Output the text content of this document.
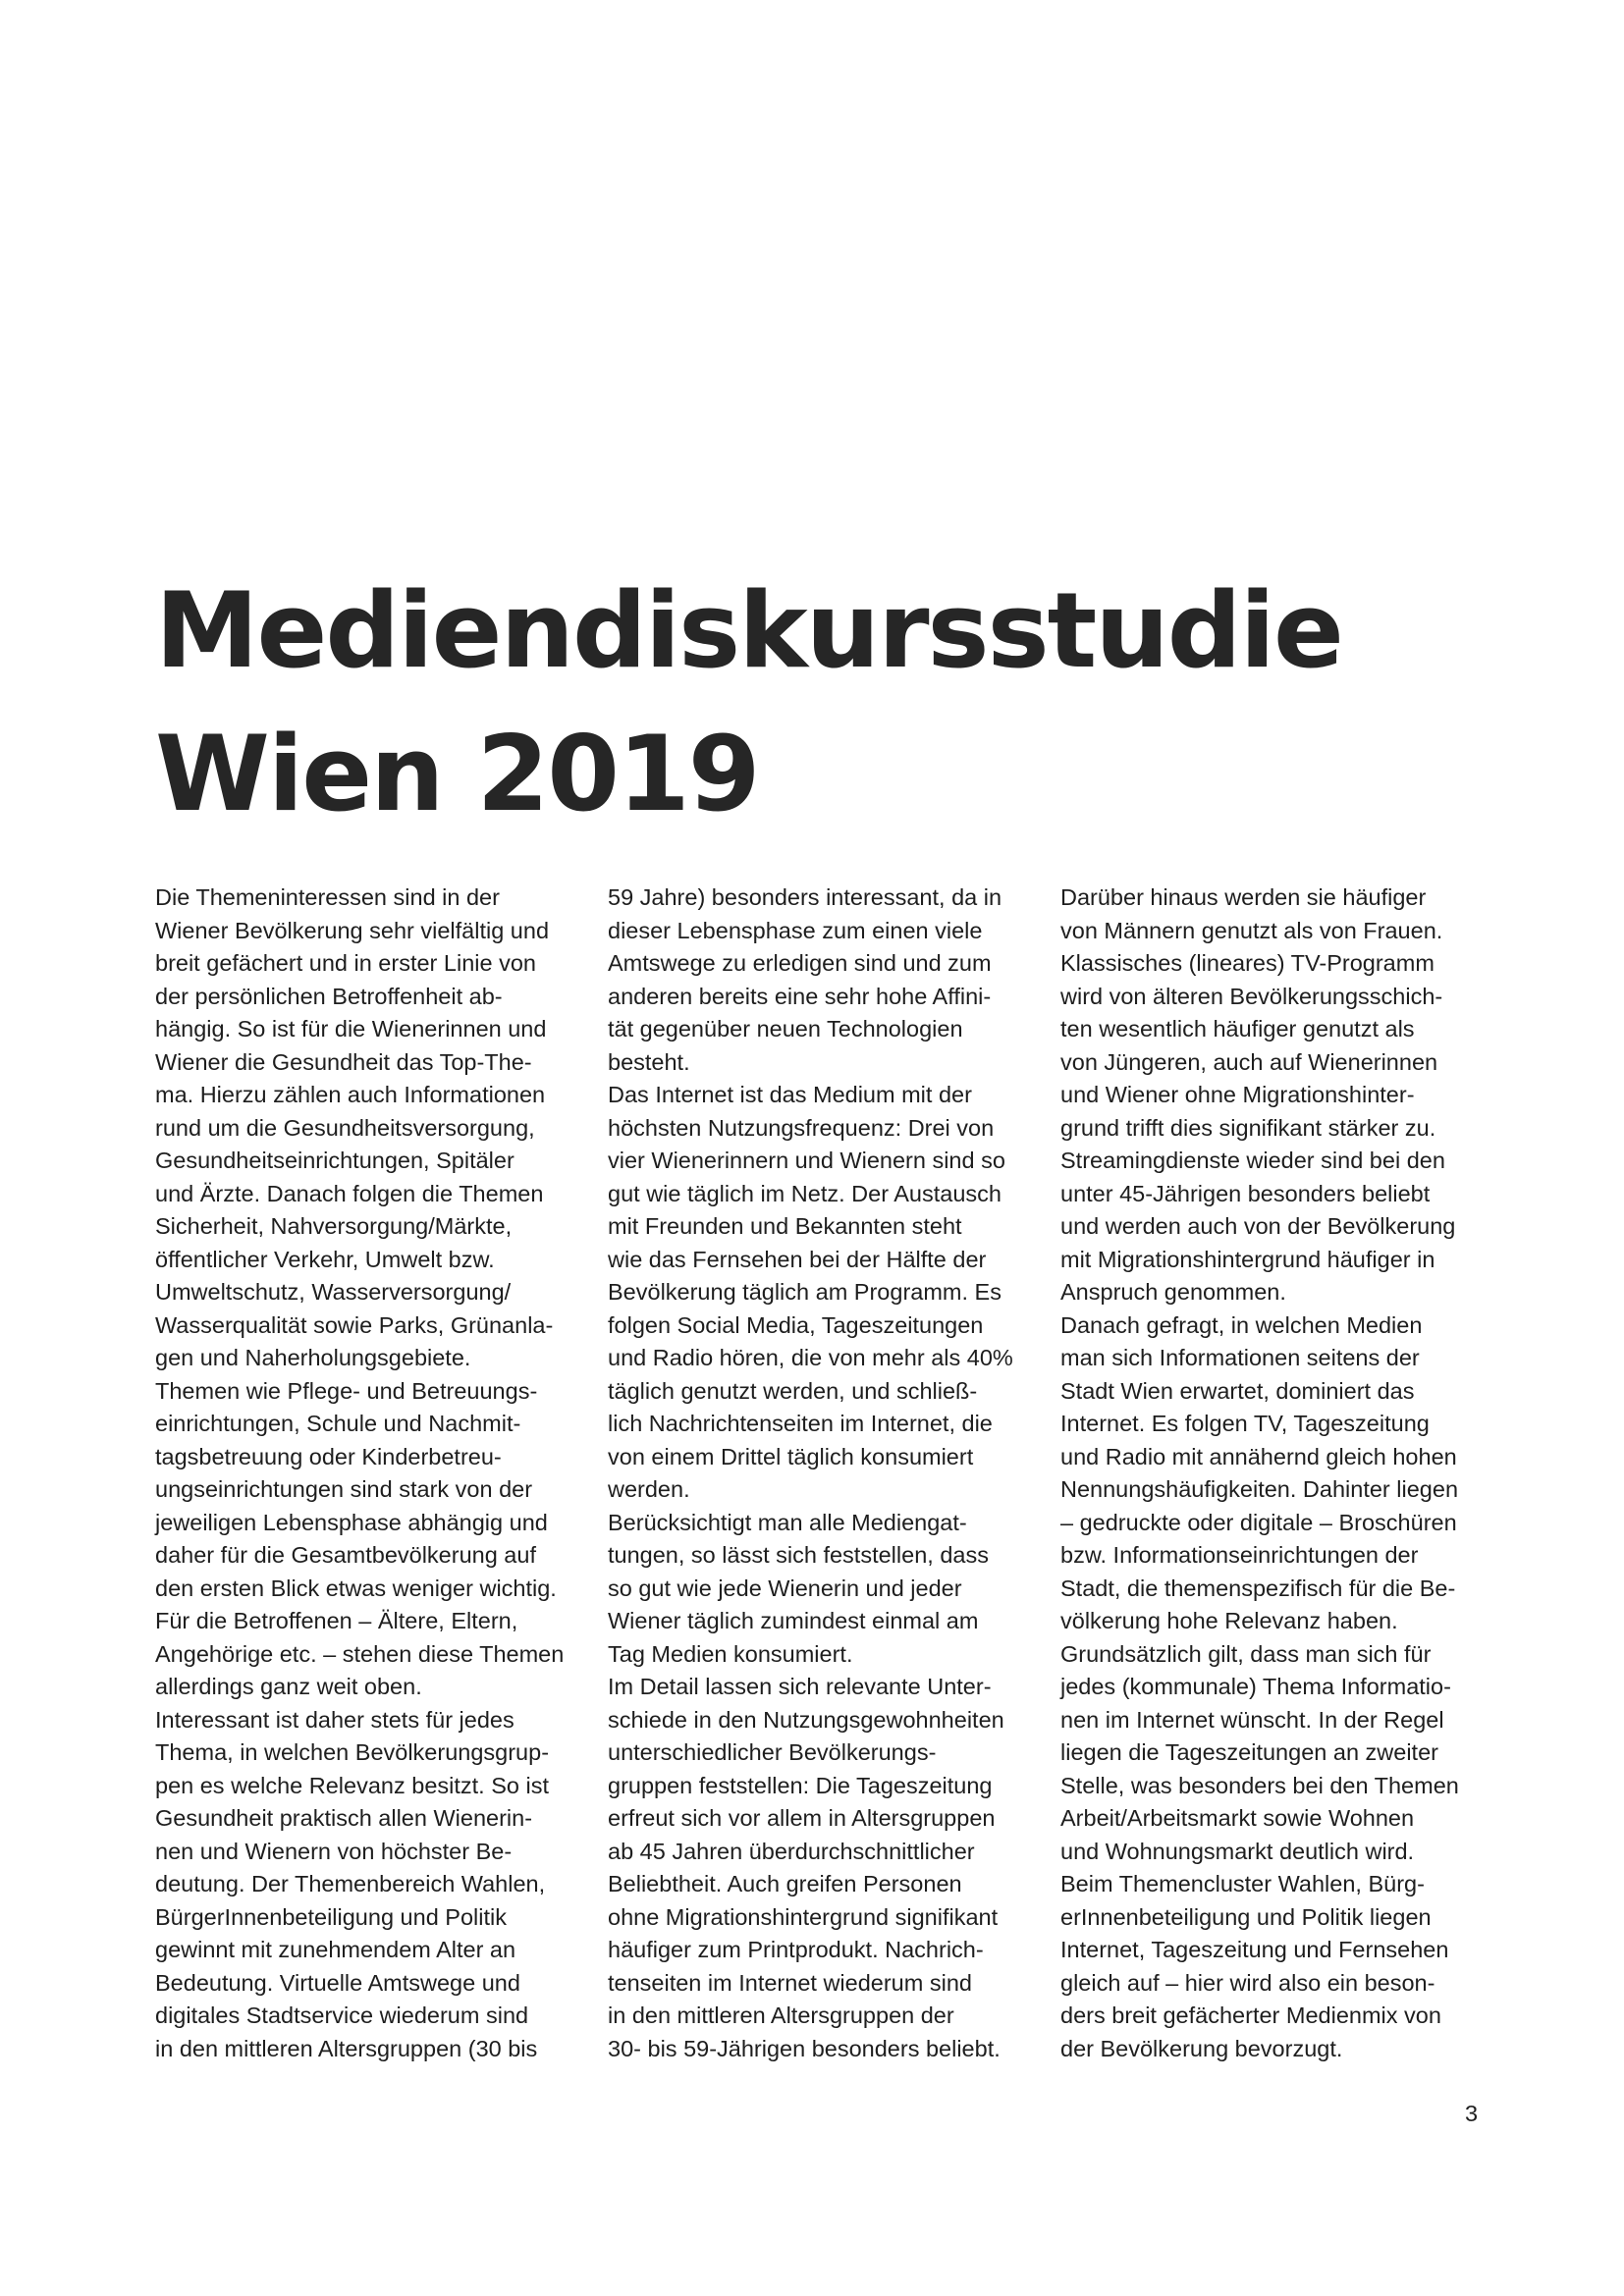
Mediendiskursstudie
Wien 2019
Die Themeninteressen sind in der
Wiener Bevölkerung sehr vielfältig und
breit gefächert und in erster Linie von
der persönlichen Betroffenheit ab-
hängig. So ist für die Wienerinnen und
Wiener die Gesundheit das Top-The-
ma. Hierzu zählen auch Informationen
rund um die Gesundheitsversorgung,
Gesundheitseinrichtungen, Spitäler
und Ärzte. Danach folgen die Themen
Sicherheit, Nahversorgung/Märkte,
öffentlicher Verkehr, Umwelt bzw.
Umweltschutz, Wasserversorgung/
Wasserqualität sowie Parks, Grünanla-
gen und Naherholungsgebiete.
Themen wie Pflege- und Betreuungs-
einrichtungen, Schule und Nachmit-
tagsbetreuung oder Kinderbetreu-
ungseinrichtungen sind stark von der
jeweiligen Lebensphase abhängig und
daher für die Gesamtbevölkerung auf
den ersten Blick etwas weniger wichtig.
Für die Betroffenen – Ältere, Eltern,
Angehörige etc. – stehen diese Themen
allerdings ganz weit oben.
Interessant ist daher stets für jedes
Thema, in welchen Bevölkerungsgrup-
pen es welche Relevanz besitzt. So ist
Gesundheit praktisch allen Wienerin-
nen und Wienern von höchster Be-
deutung. Der Themenbereich Wahlen,
BürgerInnenbeteiligung und Politik
gewinnt mit zunehmendem Alter an
Bedeutung. Virtuelle Amtswege und
digitales Stadtservice wiederum sind
in den mittleren Altersgruppen (30 bis
59 Jahre) besonders interessant, da in
dieser Lebensphase zum einen viele
Amtswege zu erledigen sind und zum
anderen bereits eine sehr hohe Affini-
tät gegenüber neuen Technologien
besteht.
Das Internet ist das Medium mit der
höchsten Nutzungsfrequenz: Drei von
vier Wienerinnern und Wienern sind so
gut wie täglich im Netz. Der Austausch
mit Freunden und Bekannten steht
wie das Fernsehen bei der Hälfte der
Bevölkerung täglich am Programm. Es
folgen Social Media, Tageszeitungen
und Radio hören, die von mehr als 40%
täglich genutzt werden, und schließ-
lich Nachrichtenseiten im Internet, die
von einem Drittel täglich konsumiert
werden.
Berücksichtigt man alle Mediengat-
tungen, so lässt sich feststellen, dass
so gut wie jede Wienerin und jeder
Wiener täglich zumindest einmal am
Tag Medien konsumiert.
Im Detail lassen sich relevante Unter-
schiede in den Nutzungsgewohnheiten
unterschiedlicher Bevölkerungs-
gruppen feststellen: Die Tageszeitung
erfreut sich vor allem in Altersgruppen
ab 45 Jahren überdurchschnittlicher
Beliebtheit. Auch greifen Personen
ohne Migrationshintergrund signifikant
häufiger zum Printprodukt. Nachrich-
tenseiten im Internet wiederum sind
in den mittleren Altersgruppen der
30- bis 59-Jährigen besonders beliebt.
Darüber hinaus werden sie häufiger
von Männern genutzt als von Frauen.
Klassisches (lineares) TV-Programm
wird von älteren Bevölkerungsschich-
ten wesentlich häufiger genutzt als
von Jüngeren, auch auf Wienerinnen
und Wiener ohne Migrationshinter-
grund trifft dies signifikant stärker zu.
Streamingdienste wieder sind bei den
unter 45-Jährigen besonders beliebt
und werden auch von der Bevölkerung
mit Migrationshintergrund häufiger in
Anspruch genommen.
Danach gefragt, in welchen Medien
man sich Informationen seitens der
Stadt Wien erwartet, dominiert das
Internet. Es folgen TV, Tageszeitung
und Radio mit annähernd gleich hohen
Nennungshäufigkeiten. Dahinter liegen
– gedruckte oder digitale – Broschüren
bzw. Informationseinrichtungen der
Stadt, die themenspezifisch für die Be-
völkerung hohe Relevanz haben.
Grundsätzlich gilt, dass man sich für
jedes (kommunale) Thema Informatio-
nen im Internet wünscht. In der Regel
liegen die Tageszeitungen an zweiter
Stelle, was besonders bei den Themen
Arbeit/Arbeitsmarkt sowie Wohnen
und Wohnungsmarkt deutlich wird.
Beim Themencluster Wahlen, Bürg-
erInnenbeteiligung und Politik liegen
Internet, Tageszeitung und Fernsehen
gleich auf – hier wird also ein beson-
ders breit gefächerter Medienmix von
der Bevölkerung bevorzugt.
3
